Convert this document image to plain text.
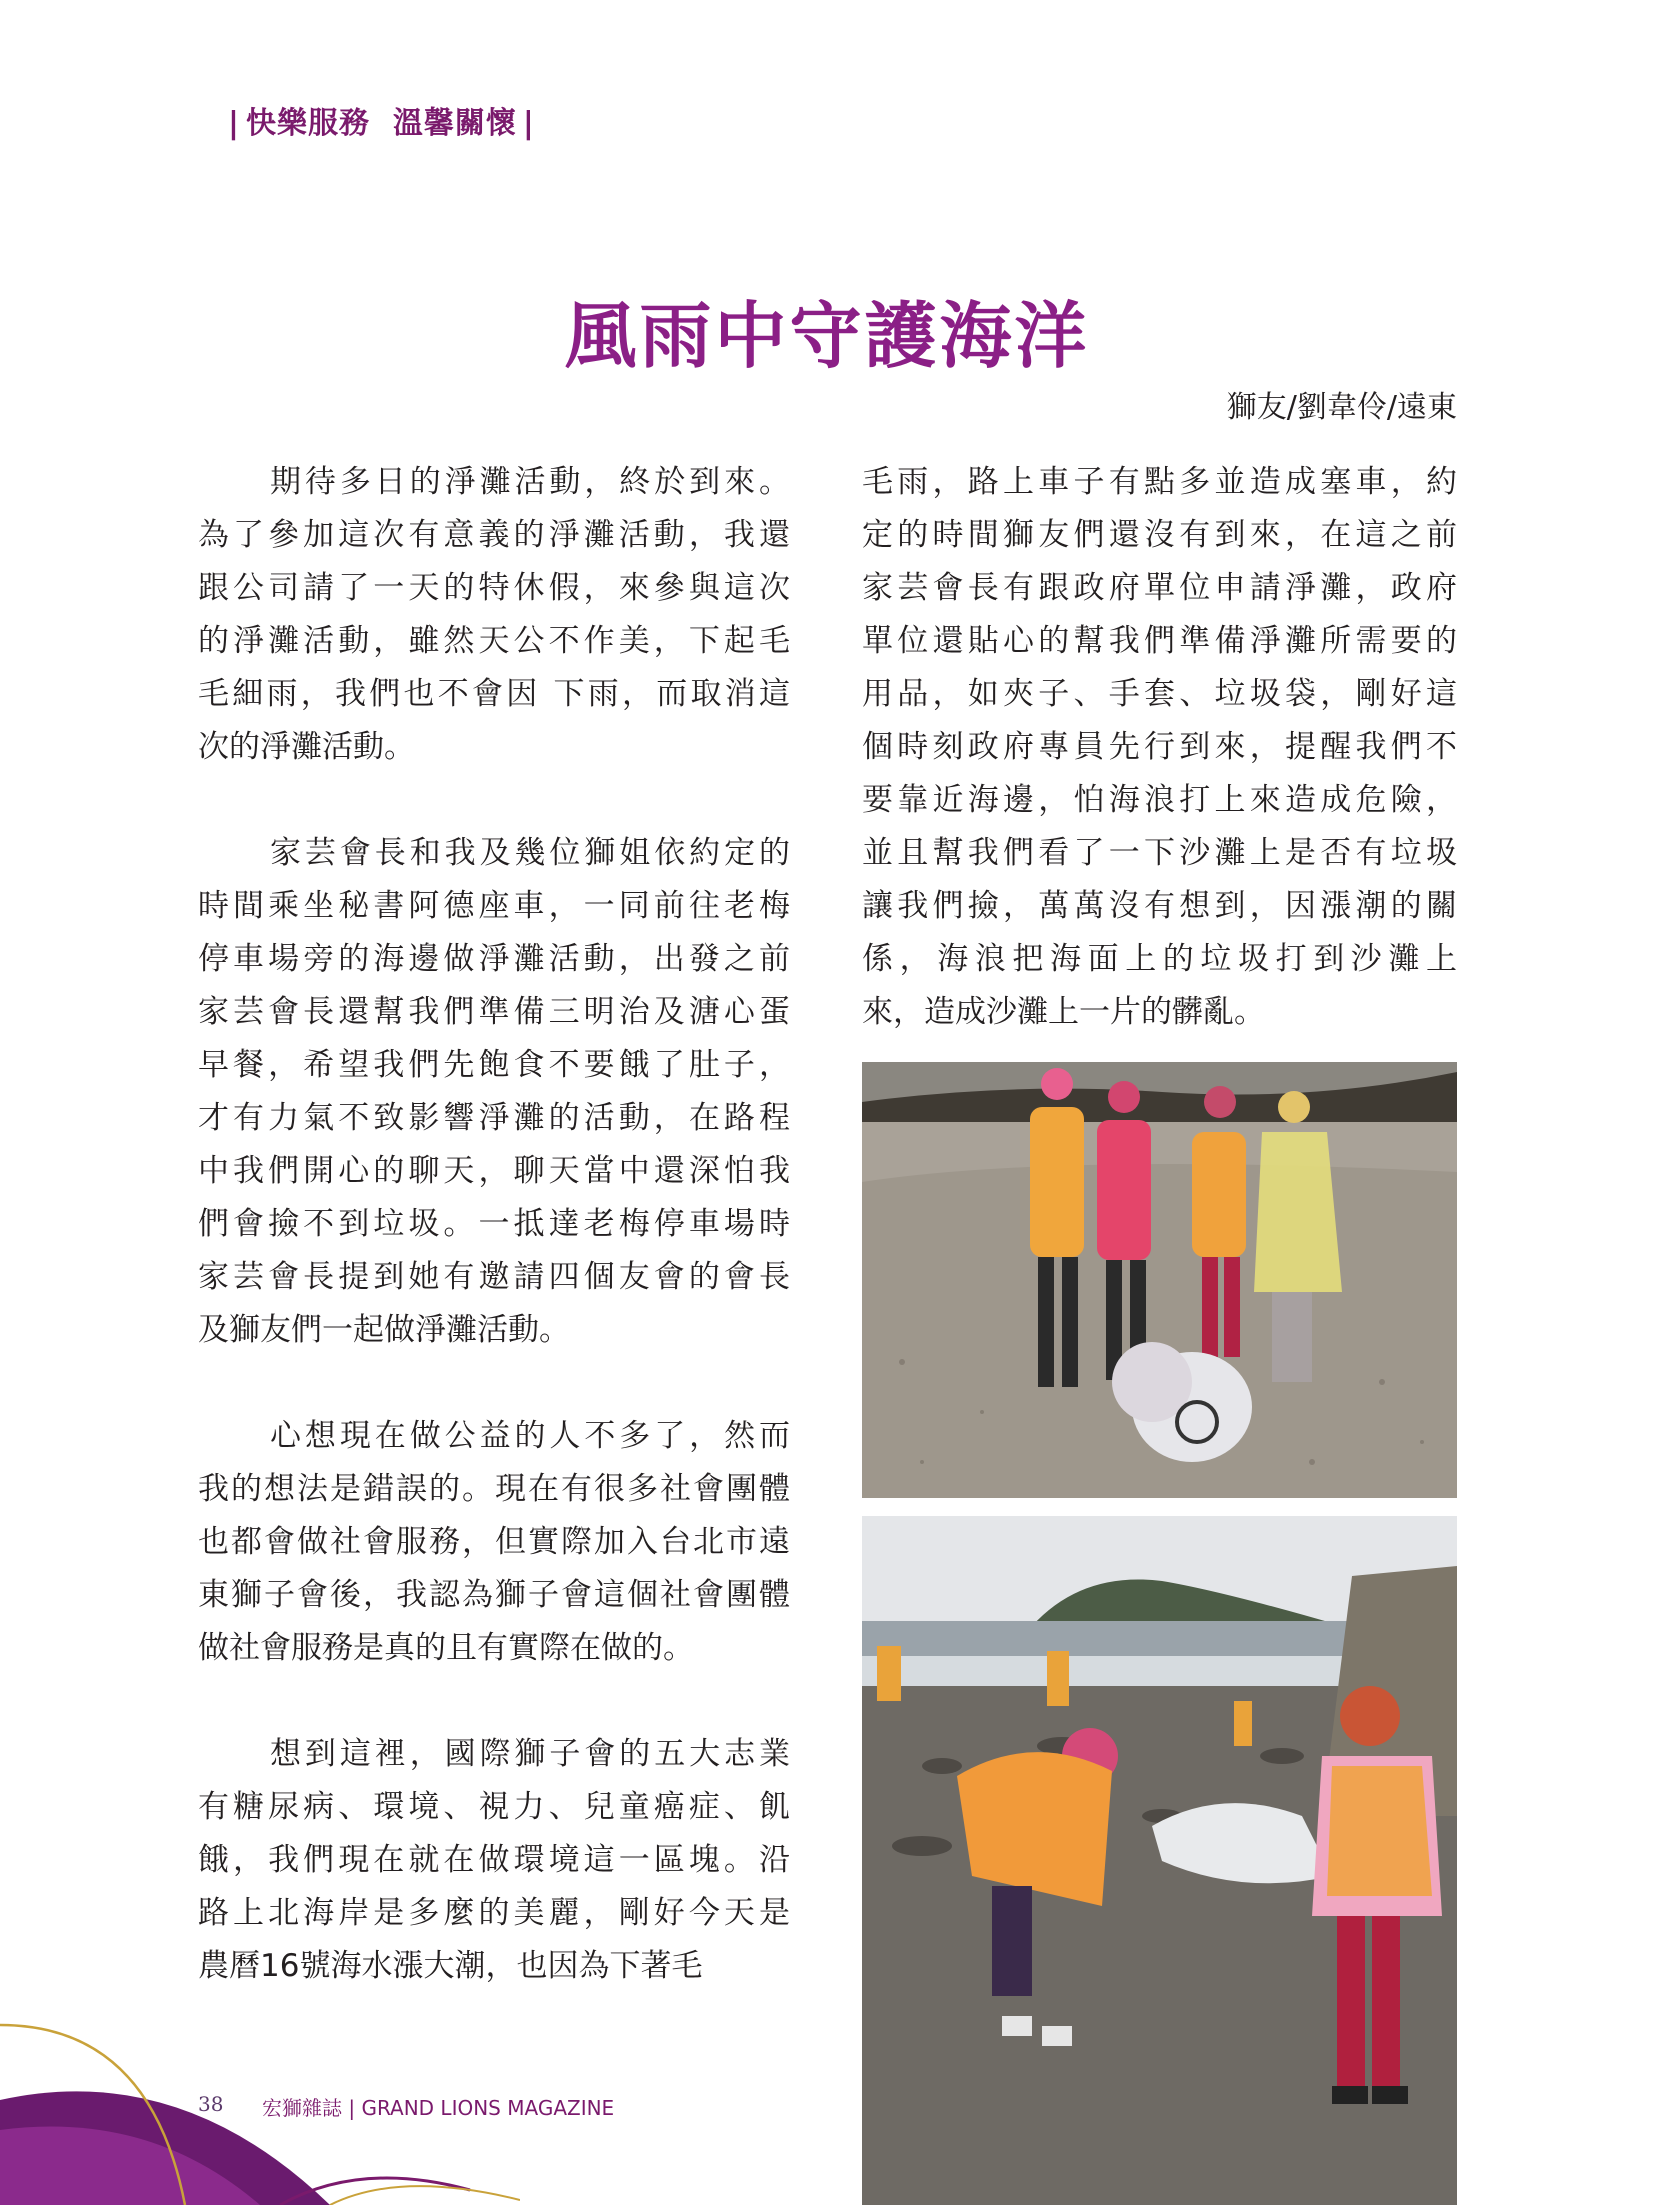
| 快樂服務  溫馨關懷 |
風雨中守護海洋
獅友/劉韋伶/遠東

期待多日的淨灘活動，終於到來。
為了參加這次有意義的淨灘活動，我還
跟公司請了一天的特休假，來參與這次
的淨灘活動，雖然天公不作美，下起毛
毛細雨，我們也不會因 下雨，而取消這
次的淨灘活動。

家芸會長和我及幾位獅姐依約定的
時間乘坐秘書阿德座車，一同前往老梅
停車場旁的海邊做淨灘活動，出發之前
家芸會長還幫我們準備三明治及溏心蛋
早餐，希望我們先飽食不要餓了肚子，
才有力氣不致影響淨灘的活動，在路程
中我們開心的聊天，聊天當中還深怕我
們會撿不到垃圾。一抵達老梅停車場時
家芸會長提到她有邀請四個友會的會長
及獅友們一起做淨灘活動。

心想現在做公益的人不多了，然而
我的想法是錯誤的。現在有很多社會團體
也都會做社會服務，但實際加入台北市遠
東獅子會後，我認為獅子會這個社會團體
做社會服務是真的且有實際在做的。

想到這裡，國際獅子會的五大志業
有糖尿病、環境、視力、兒童癌症、飢
餓，我們現在就在做環境這一區塊。沿
路上北海岸是多麼的美麗，剛好今天是
農曆16號海水漲大潮，也因為下著毛

毛雨，路上車子有點多並造成塞車，約
定的時間獅友們還沒有到來，在這之前
家芸會長有跟政府單位申請淨灘，政府
單位還貼心的幫我們準備淨灘所需要的
用品，如夾子、手套、垃圾袋，剛好這
個時刻政府專員先行到來，提醒我們不
要靠近海邊，怕海浪打上來造成危險，
並且幫我們看了一下沙灘上是否有垃圾
讓我們撿，萬萬沒有想到，因漲潮的關
係，海浪把海面上的垃圾打到沙灘上
來，造成沙灘上一片的髒亂。

38 宏獅雜誌 | GRAND LIONS MAGAZINE
